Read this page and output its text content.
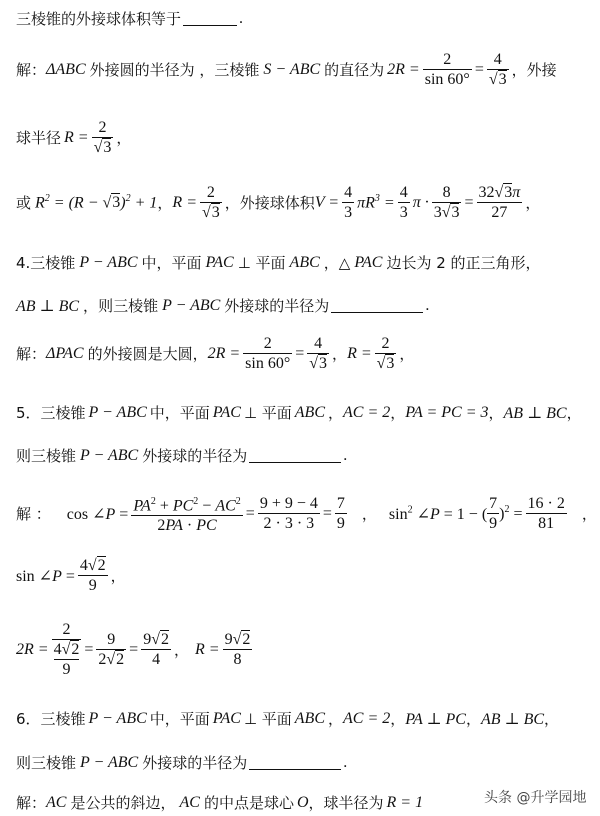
三棱锥的外接球体积等于	.
解： ΔABC 外接圆的半径为 ，三棱锥 S − ABC 的直径为 $2R = \frac{2}{\sin 60^\circ} = \frac{4}{√3}$ ，外接
球半径 $R = \frac{2}{√3}$ ，
或 $R^2 = (R - √3)^2 + 1$ ， $R = \frac{2}{√3}$ ， 外接球体积 $V = \frac{4}{3} \pi R^3 = \frac{4}{3}$ $\pi \cdot \frac{8}{3√3} = \frac{32√3\pi}{27}$ ，
4.三棱锥 P − ABC 中，平面 PAC ⊥ 平面 ABC ，△ PAC 边长为 2 的正三角形，
AB ⊥ BC ， 则三棱锥 P − ABC 外接球的半径为	.
解： ΔPAC 的外接圆是大圆， $2R = \frac{2}{\sin 60^\circ} = \frac{4}{√3}$ ， $R = \frac{2}{√3}$ ，
5．三棱锥 P − ABC 中，平面 PAC ⊥ 平面 ABC ， AC = 2 ， PA = PC = 3 ， AB ⊥ BC ，
则三棱锥 P − ABC 外接球的半径为	.
解 ： cos ∠P = $\frac{PA^2 + PC^2 - AC^2}{2PA \cdot PC} = \frac{9 + 9 - 4}{2 \cdot 3 \cdot 3} = \frac{7}{9}$ ， $\sin^2$ ∠P = 1 − ( $\frac{7}{9} )^2 = \frac{16 \cdot 2}{81}$ ，
sin ∠P = $\frac{4√2}{9}$ ，
2R = 2
4√2
$9 = \frac{9}{2√2} = \frac{9√2}{4}$ ， $R = \frac{9√2}{8}$
6．三棱锥 P − ABC 中，平面 PAC ⊥ 平面 ABC ， AC = 2 ， PA ⊥ PC ， AB ⊥ BC ，
则三棱锥 P − ABC 外接球的半径为	.
解： AC 是公共的斜边， AC 的中点是球心 O ，球半径为 R = 1	头条 @升学园地
